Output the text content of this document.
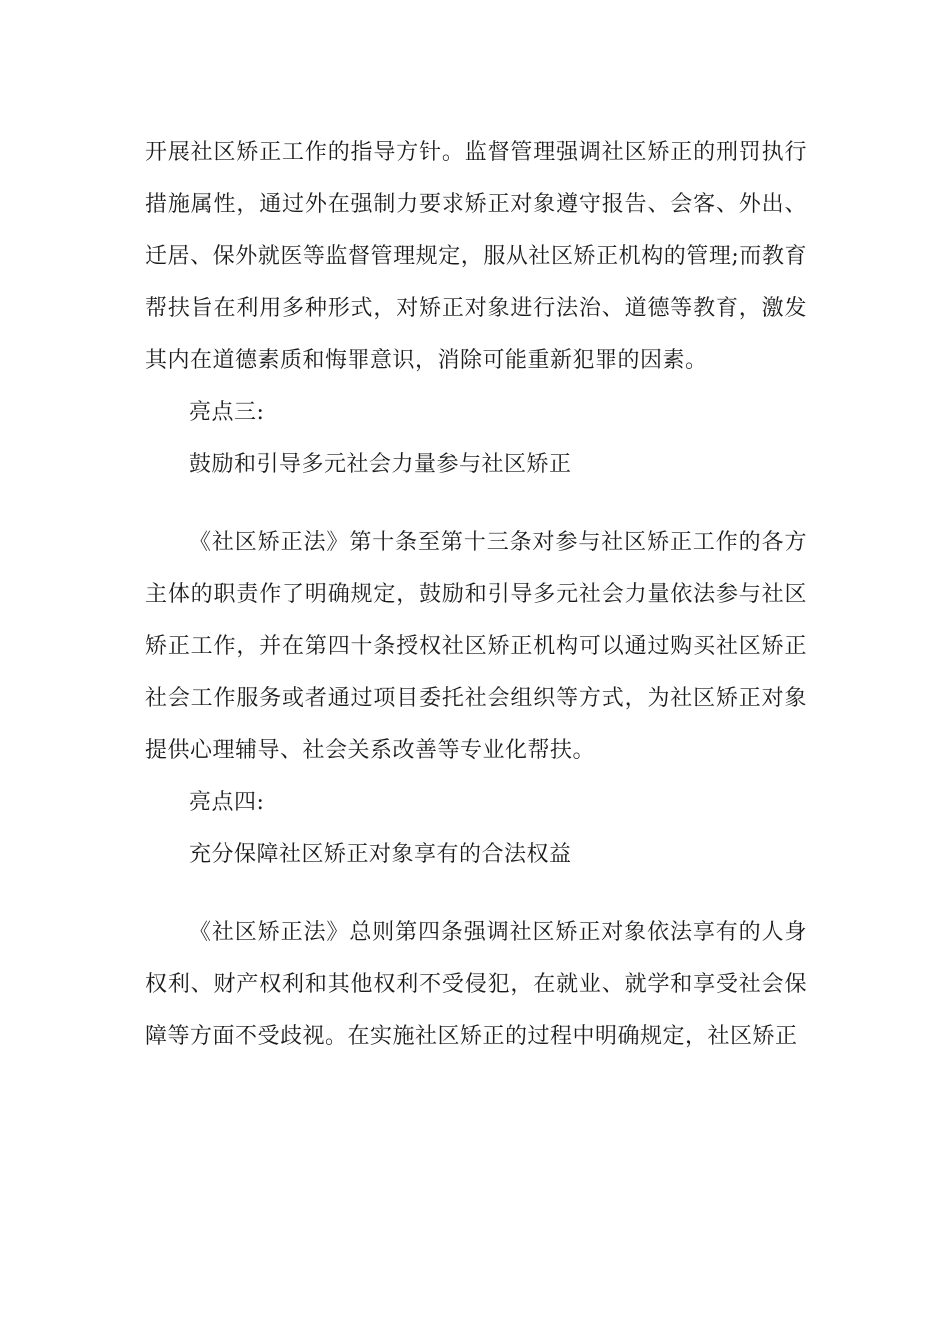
开展社区矫正工作的指导方针。监督管理强调社区矫正的刑罚执行措施属性，通过外在强制力要求矫正对象遵守报告、会客、外出、迁居、保外就医等监督管理规定，服从社区矫正机构的管理;而教育帮扶旨在利用多种形式，对矫正对象进行法治、道德等教育，激发其内在道德素质和悔罪意识，消除可能重新犯罪的因素。

亮点三:

鼓励和引导多元社会力量参与社区矫正

《社区矫正法》第十条至第十三条对参与社区矫正工作的各方主体的职责作了明确规定，鼓励和引导多元社会力量依法参与社区矫正工作，并在第四十条授权社区矫正机构可以通过购买社区矫正社会工作服务或者通过项目委托社会组织等方式，为社区矫正对象提供心理辅导、社会关系改善等专业化帮扶。

亮点四:

充分保障社区矫正对象享有的合法权益

《社区矫正法》总则第四条强调社区矫正对象依法享有的人身权利、财产权利和其他权利不受侵犯，在就业、就学和享受社会保障等方面不受歧视。在实施社区矫正的过程中明确规定，社区矫正
